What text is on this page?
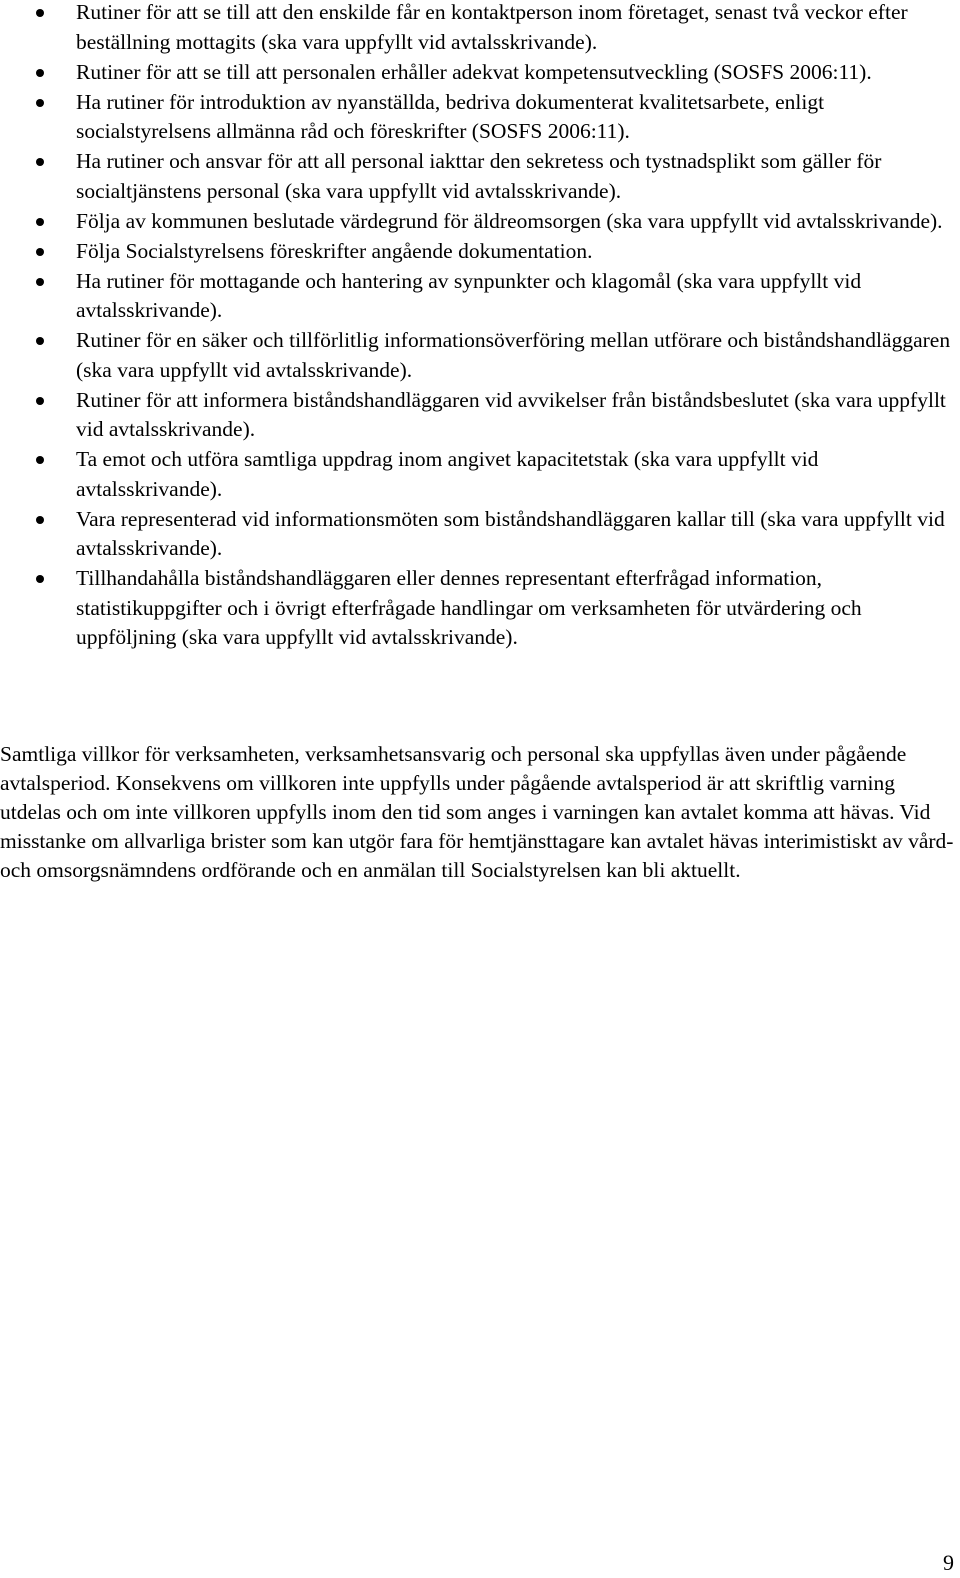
Rutiner för att se till att den enskilde får en kontaktperson inom företaget, senast två veckor efter beställning mottagits (ska vara uppfyllt vid avtalsskrivande).
Rutiner för att se till att personalen erhåller adekvat kompetensutveckling (SOSFS 2006:11).
Ha rutiner för introduktion av nyanställda, bedriva dokumenterat kvalitetsarbete, enligt socialstyrelsens allmänna råd och föreskrifter (SOSFS 2006:11).
Ha rutiner och ansvar för att all personal iakttar den sekretess och tystnadsplikt som gäller för socialtjänstens personal (ska vara uppfyllt vid avtalsskrivande).
Följa av kommunen beslutade värdegrund för äldreomsorgen (ska vara uppfyllt vid avtalsskrivande).
Följa Socialstyrelsens föreskrifter angående dokumentation.
Ha rutiner för mottagande och hantering av synpunkter och klagomål (ska vara uppfyllt vid avtalsskrivande).
Rutiner för en säker och tillförlitlig informationsöverföring mellan utförare och biståndshandläggaren (ska vara uppfyllt vid avtalsskrivande).
Rutiner för att informera biståndshandläggaren vid avvikelser från biståndsbeslutet (ska vara uppfyllt vid avtalsskrivande).
Ta emot och utföra samtliga uppdrag inom angivet kapacitetstak (ska vara uppfyllt vid avtalsskrivande).
Vara representerad vid informationsmöten som biståndshandläggaren kallar till (ska vara uppfyllt vid avtalsskrivande).
Tillhandahålla biståndshandläggaren eller dennes representant efterfrågad information, statistikuppgifter och i övrigt efterfrågade handlingar om verksamheten för utvärdering och uppföljning (ska vara uppfyllt vid avtalsskrivande).

Samtliga villkor för verksamheten, verksamhetsansvarig och personal ska uppfyllas även under pågående avtalsperiod. Konsekvens om villkoren inte uppfylls under pågående avtalsperiod är att skriftlig varning utdelas och om inte villkoren uppfylls inom den tid som anges i varningen kan avtalet komma att hävas. Vid misstanke om allvarliga brister som kan utgör fara för hemtjänsttagare kan avtalet hävas interimistiskt av vård- och omsorgsnämndens ordförande och en anmälan till Socialstyrelsen kan bli aktuellt.

9
